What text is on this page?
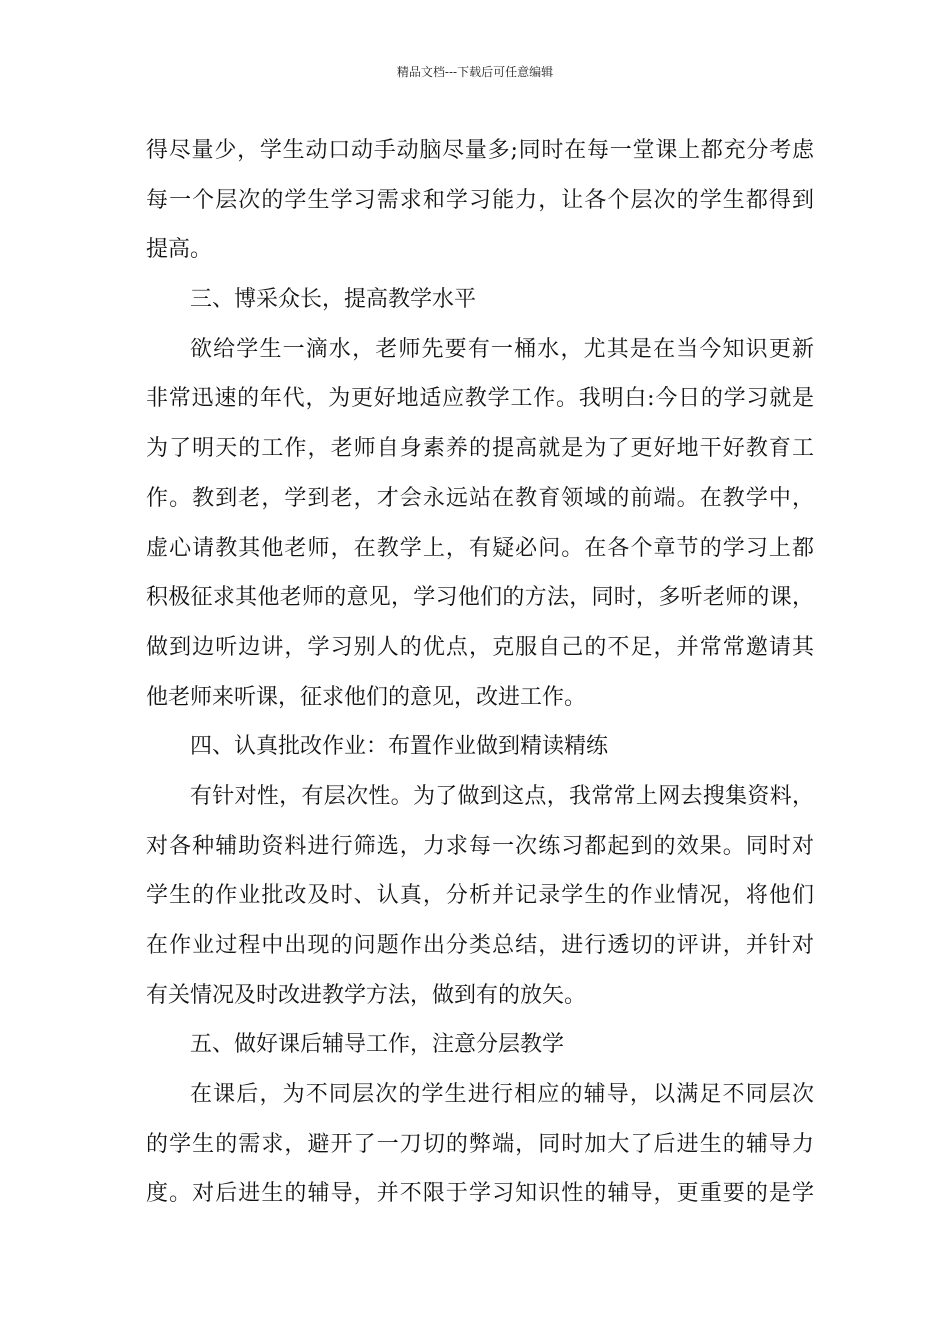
精品文档---下载后可任意编辑
得尽量少，学生动口动手动脑尽量多;同时在每一堂课上都充分考虑
每一个层次的学生学习需求和学习能力，让各个层次的学生都得到
提高。
三、博采众长，提高教学水平
欲给学生一滴水，老师先要有一桶水，尤其是在当今知识更新
非常迅速的年代，为更好地适应教学工作。我明白:今日的学习就是
为了明天的工作，老师自身素养的提高就是为了更好地干好教育工
作。教到老，学到老，才会永远站在教育领域的前端。在教学中，
虚心请教其他老师，在教学上，有疑必问。在各个章节的学习上都
积极征求其他老师的意见，学习他们的方法，同时，多听老师的课，
做到边听边讲，学习别人的优点，克服自己的不足，并常常邀请其
他老师来听课，征求他们的意见，改进工作。
四、认真批改作业：布置作业做到精读精练
有针对性，有层次性。为了做到这点，我常常上网去搜集资料，
对各种辅助资料进行筛选，力求每一次练习都起到的效果。同时对
学生的作业批改及时、认真，分析并记录学生的作业情况，将他们
在作业过程中出现的问题作出分类总结，进行透切的评讲，并针对
有关情况及时改进教学方法，做到有的放矢。
五、做好课后辅导工作，注意分层教学
在课后，为不同层次的学生进行相应的辅导，以满足不同层次
的学生的需求，避开了一刀切的弊端，同时加大了后进生的辅导力
度。对后进生的辅导，并不限于学习知识性的辅导，更重要的是学
